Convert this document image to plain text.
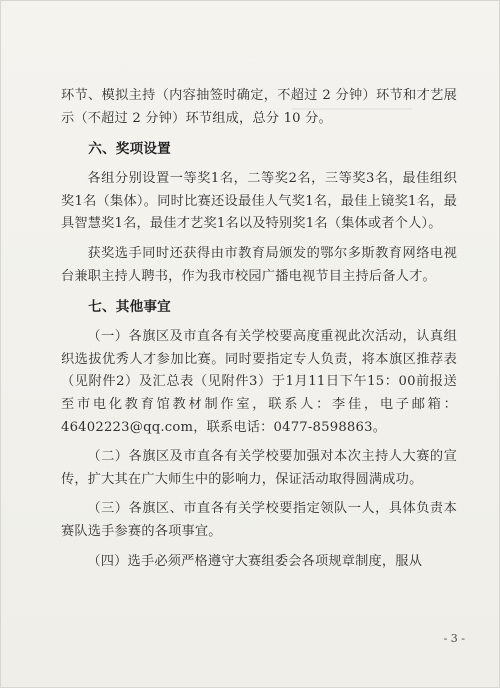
环节、模拟主持（内容抽签时确定，不超过 2 分钟）环节和才艺展示（不超过 2 分钟）环节组成，总分 10 分。

六、奖项设置

各组分别设置一等奖1名，二等奖2名，三等奖3名，最佳组织奖1名（集体）。同时比赛还设最佳人气奖1名，最佳上镜奖1名，最具智慧奖1名，最佳才艺奖1名以及特别奖1名（集体或者个人）。

获奖选手同时还获得由市教育局颁发的鄂尔多斯教育网络电视台兼职主持人聘书，作为我市校园广播电视节目主持后备人才。

七、其他事宜

（一）各旗区及市直各有关学校要高度重视此次活动，认真组织选拔优秀人才参加比赛。同时要指定专人负责，将本旗区推荐表（见附件2）及汇总表（见附件3）于1月11日下午15：00前报送至市电化教育馆教材制作室，联系人：李佳，电子邮箱：46402223@qq.com，联系电话：0477-8598863。

（二）各旗区及市直各有关学校要加强对本次主持人大赛的宣传，扩大其在广大师生中的影响力，保证活动取得圆满成功。

（三）各旗区、市直各有关学校要指定领队一人，具体负责本赛队选手参赛的各项事宜。

（四）选手必须严格遵守大赛组委会各项规章制度，服从

- 3 -
